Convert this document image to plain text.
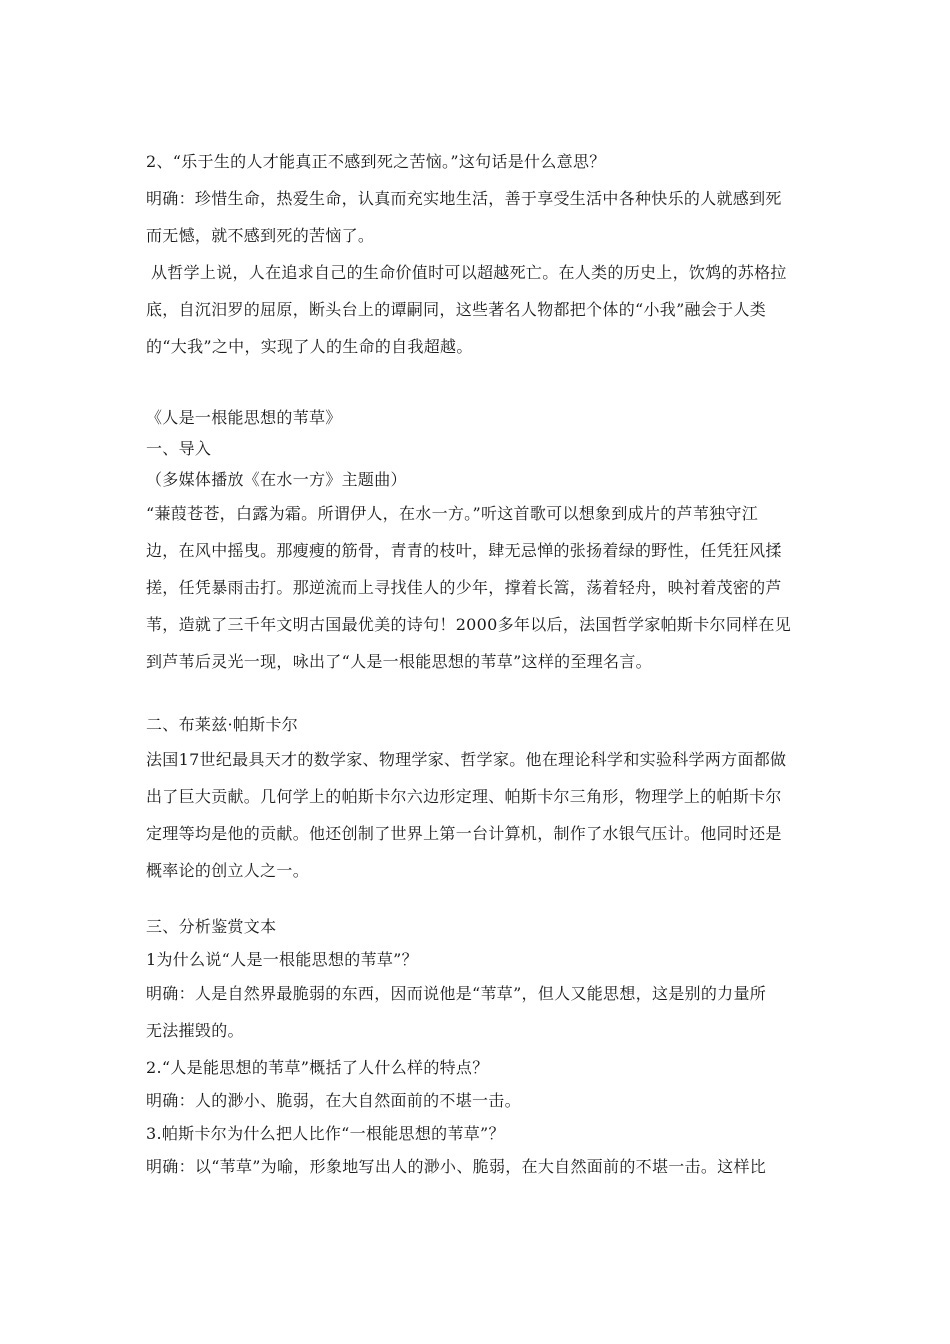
2、“乐于生的人才能真正不感到死之苦恼。”这句话是什么意思？

明确：珍惜生命，热爱生命，认真而充实地生活，善于享受生活中各种快乐的人就感到死

而无憾，就不感到死的苦恼了。

从哲学上说，人在追求自己的生命价值时可以超越死亡。在人类的历史上，饮鸩的苏格拉

底，自沉汨罗的屈原，断头台上的谭嗣同，这些著名人物都把个体的“小我”融会于人类

的“大我”之中，实现了人的生命的自我超越。

《人是一根能思想的苇草》

一、导入

（多媒体播放《在水一方》主题曲）

“蒹葭苍苍，白露为霜。所谓伊人，在水一方。”听这首歌可以想象到成片的芦苇独守江

边，在风中摇曳。那瘦瘦的筋骨，青青的枝叶，肆无忌惮的张扬着绿的野性，任凭狂风揉

搓，任凭暴雨击打。那逆流而上寻找佳人的少年，撑着长篙，荡着轻舟，映衬着茂密的芦

苇，造就了三千年文明古国最优美的诗句！2000多年以后，法国哲学家帕斯卡尔同样在见

到芦苇后灵光一现，咏出了“人是一根能思想的苇草”这样的至理名言。

二、布莱兹·帕斯卡尔

法国17世纪最具天才的数学家、物理学家、哲学家。他在理论科学和实验科学两方面都做

出了巨大贡献。几何学上的帕斯卡尔六边形定理、帕斯卡尔三角形，物理学上的帕斯卡尔

定理等均是他的贡献。他还创制了世界上第一台计算机，制作了水银气压计。他同时还是

概率论的创立人之一。

三、分析鉴赏文本

1为什么说“人是一根能思想的苇草”？

明确：人是自然界最脆弱的东西，因而说他是“苇草”，但人又能思想，这是别的力量所

无法摧毁的。

2.“人是能思想的苇草”概括了人什么样的特点？

明确：人的渺小、脆弱，在大自然面前的不堪一击。

3.帕斯卡尔为什么把人比作“一根能思想的苇草”？

明确：以“苇草”为喻，形象地写出人的渺小、脆弱，在大自然面前的不堪一击。这样比
